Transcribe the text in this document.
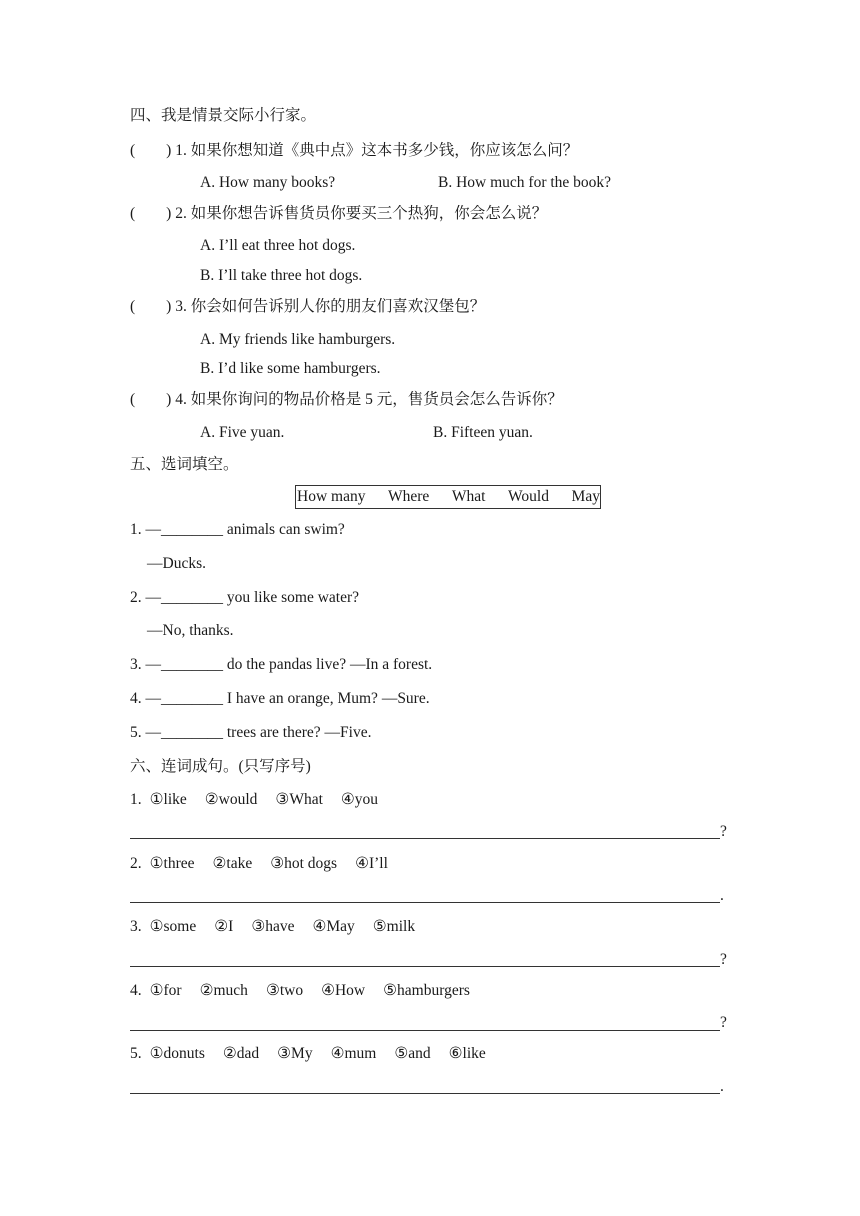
四、我是情景交际小行家。
(　　) 1. 如果你想知道《典中点》这本书多少钱，你应该怎么问？
A. How many books?	B. How much for the book?
(　　) 2. 如果你想告诉售货员你要买三个热狗，你会怎么说？
A. I’ll eat three hot dogs.
B. I’ll take three hot dogs.
(　　) 3. 你会如何告诉别人你的朋友们喜欢汉堡包？
A. My friends like hamburgers.
B. I’d like some hamburgers.
(　　) 4. 如果你询问的物品价格是 5 元，售货员会怎么告诉你？
A. Five yuan.	B. Fifteen yuan.
五、选词填空。
How many Where What Would May
1. —________ animals can swim?
—Ducks.
2. —________ you like some water?
—No, thanks.
3. —________ do the pandas live? —In a forest.
4. —________ I have an orange, Mum? —Sure.
5. —________ trees are there? —Five.
六、连词成句。(只写序号)
1. ①like ②would ③What ④you
?
2. ①three ②take ③hot dogs ④I’ll
.
3. ①some ②I ③have ④May ⑤milk
?
4. ①for ②much ③two ④How ⑤hamburgers
?
5. ①donuts ②dad ③My ④mum ⑤and ⑥like
.
